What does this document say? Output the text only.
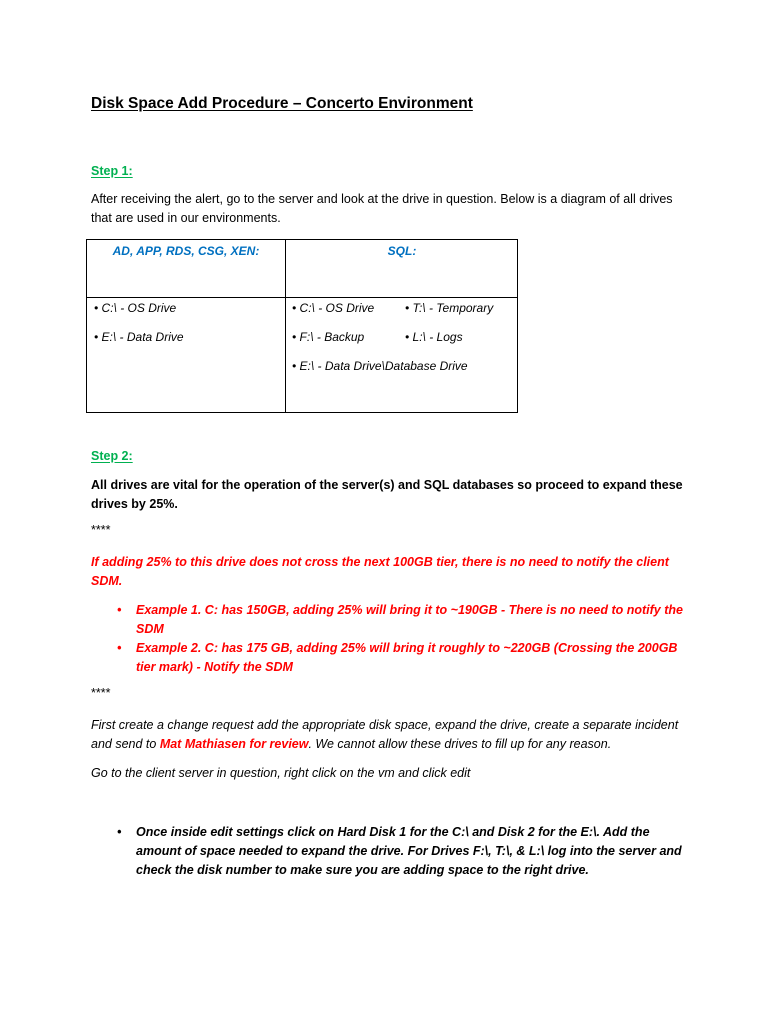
Disk Space Add Procedure – Concerto Environment
Step 1:
After receiving the alert, go to the server and look at the drive in question. Below is a diagram of all drives that are used in our environments.
AD, APP, RDS, CSG, XEN:	SQL:
• C:\ - OS Drive
• E:\ - Data Drive
• C:\ - OS Drive	• T:\ - Temporary
• F:\ - Backup	• L:\ - Logs
• E:\ - Data Drive\Database Drive
Step 2:
All drives are vital for the operation of the server(s) and SQL databases so proceed to expand these drives by 25%.
****
If adding 25% to this drive does not cross the next 100GB tier, there is no need to notify the client SDM.
• Example 1. C: has 150GB, adding 25% will bring it to ~190GB - There is no need to notify the SDM
• Example 2. C: has 175 GB, adding 25% will bring it roughly to ~220GB (Crossing the 200GB tier mark) - Notify the SDM
****
First create a change request add the appropriate disk space, expand the drive, create a separate incident and send to Mat Mathiasen for review. We cannot allow these drives to fill up for any reason.
Go to the client server in question, right click on the vm and click edit
• Once inside edit settings click on Hard Disk 1 for the C:\ and Disk 2 for the E:\. Add the amount of space needed to expand the drive. For Drives F:\, T:\, & L:\ log into the server and check the disk number to make sure you are adding space to the right drive.
